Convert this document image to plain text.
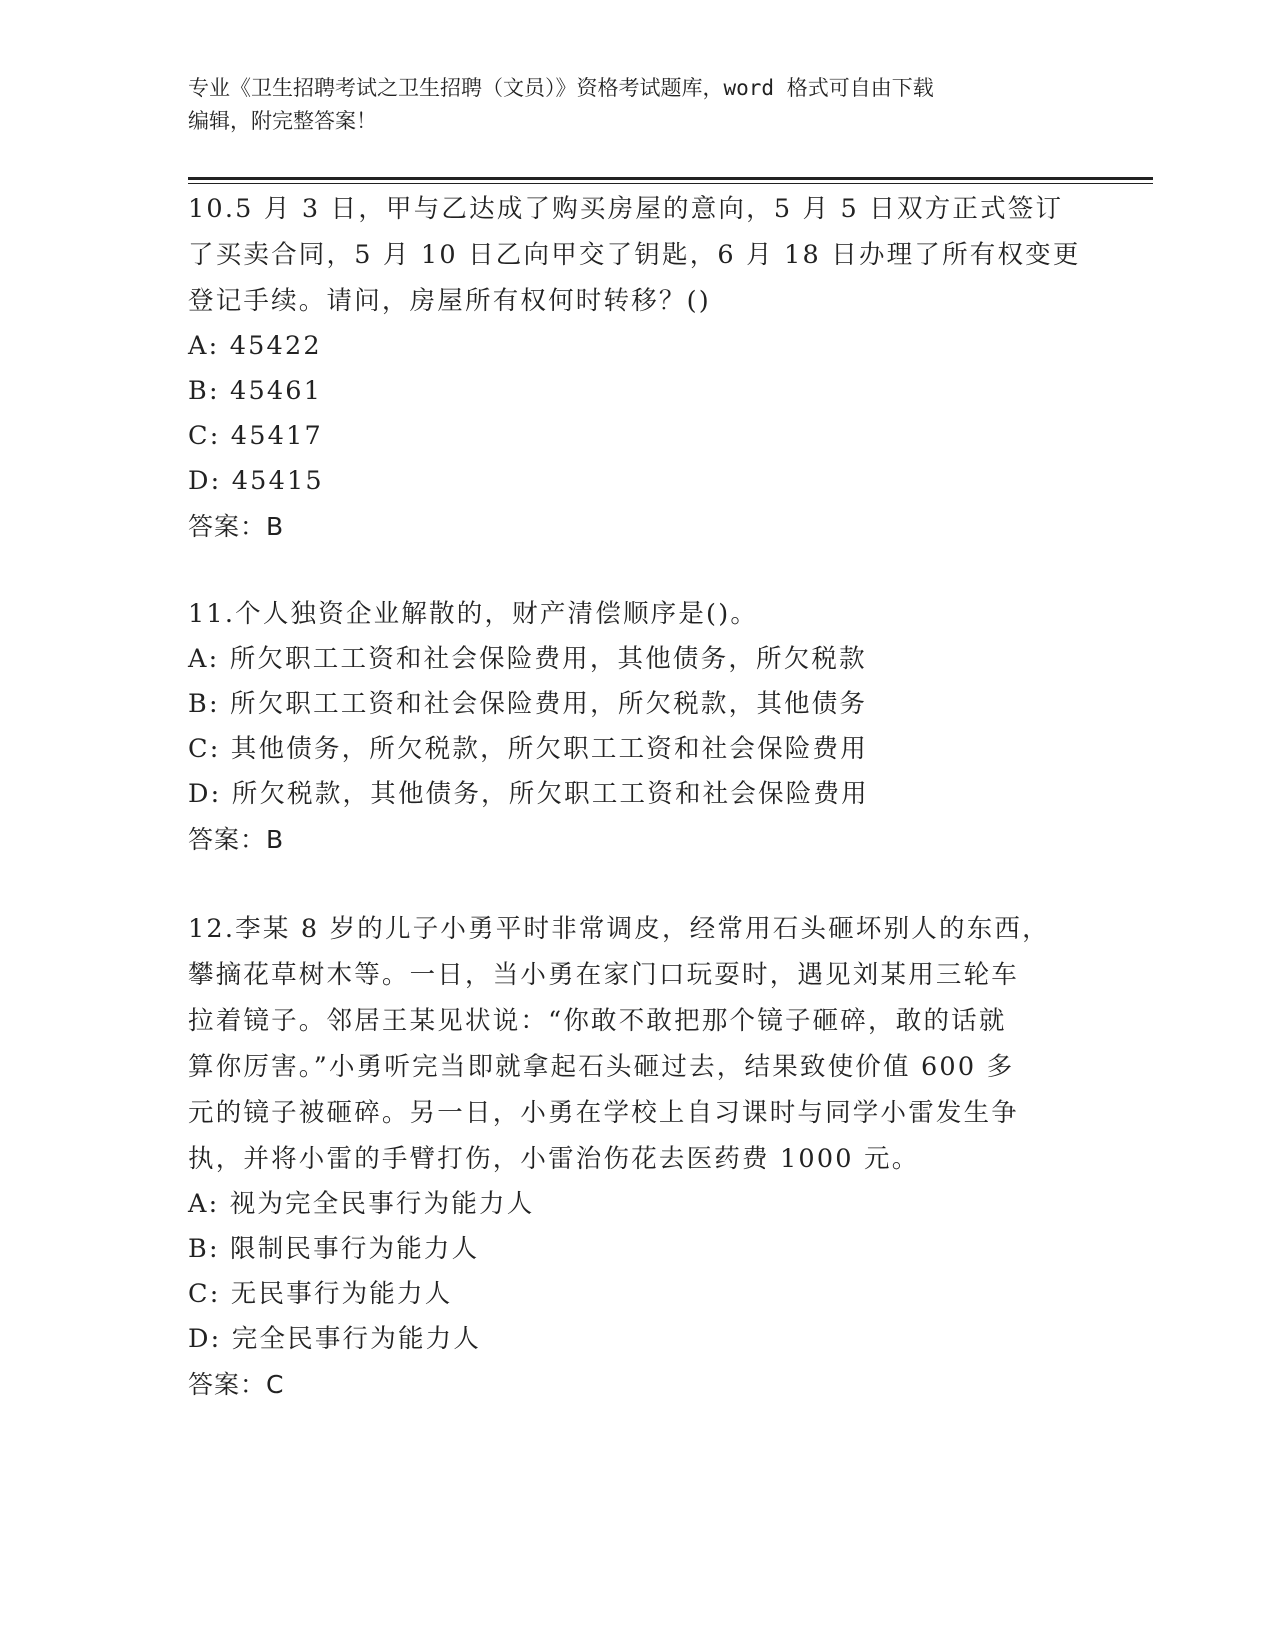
专业《卫生招聘考试之卫生招聘（文员）》资格考试题库，word 格式可自由下载
编辑，附完整答案！
10.5 月 3 日，甲与乙达成了购买房屋的意向，5 月 5 日双方正式签订
了买卖合同，5 月 10 日乙向甲交了钥匙，6 月 18 日办理了所有权变更
登记手续。请问，房屋所有权何时转移？()
A: 45422
B: 45461
C: 45417
D: 45415
答案：B
11.个人独资企业解散的，财产清偿顺序是()。
A: 所欠职工工资和社会保险费用，其他债务，所欠税款
B: 所欠职工工资和社会保险费用，所欠税款，其他债务
C: 其他债务，所欠税款，所欠职工工资和社会保险费用
D: 所欠税款，其他债务，所欠职工工资和社会保险费用
答案：B
12.李某 8 岁的儿子小勇平时非常调皮，经常用石头砸坏别人的东西，
攀摘花草树木等。一日，当小勇在家门口玩耍时，遇见刘某用三轮车
拉着镜子。邻居王某见状说：“你敢不敢把那个镜子砸碎，敢的话就
算你厉害。”小勇听完当即就拿起石头砸过去，结果致使价值 600 多
元的镜子被砸碎。另一日，小勇在学校上自习课时与同学小雷发生争
执，并将小雷的手臂打伤，小雷治伤花去医药费 1000 元。
A: 视为完全民事行为能力人
B: 限制民事行为能力人
C: 无民事行为能力人
D: 完全民事行为能力人
答案：C
